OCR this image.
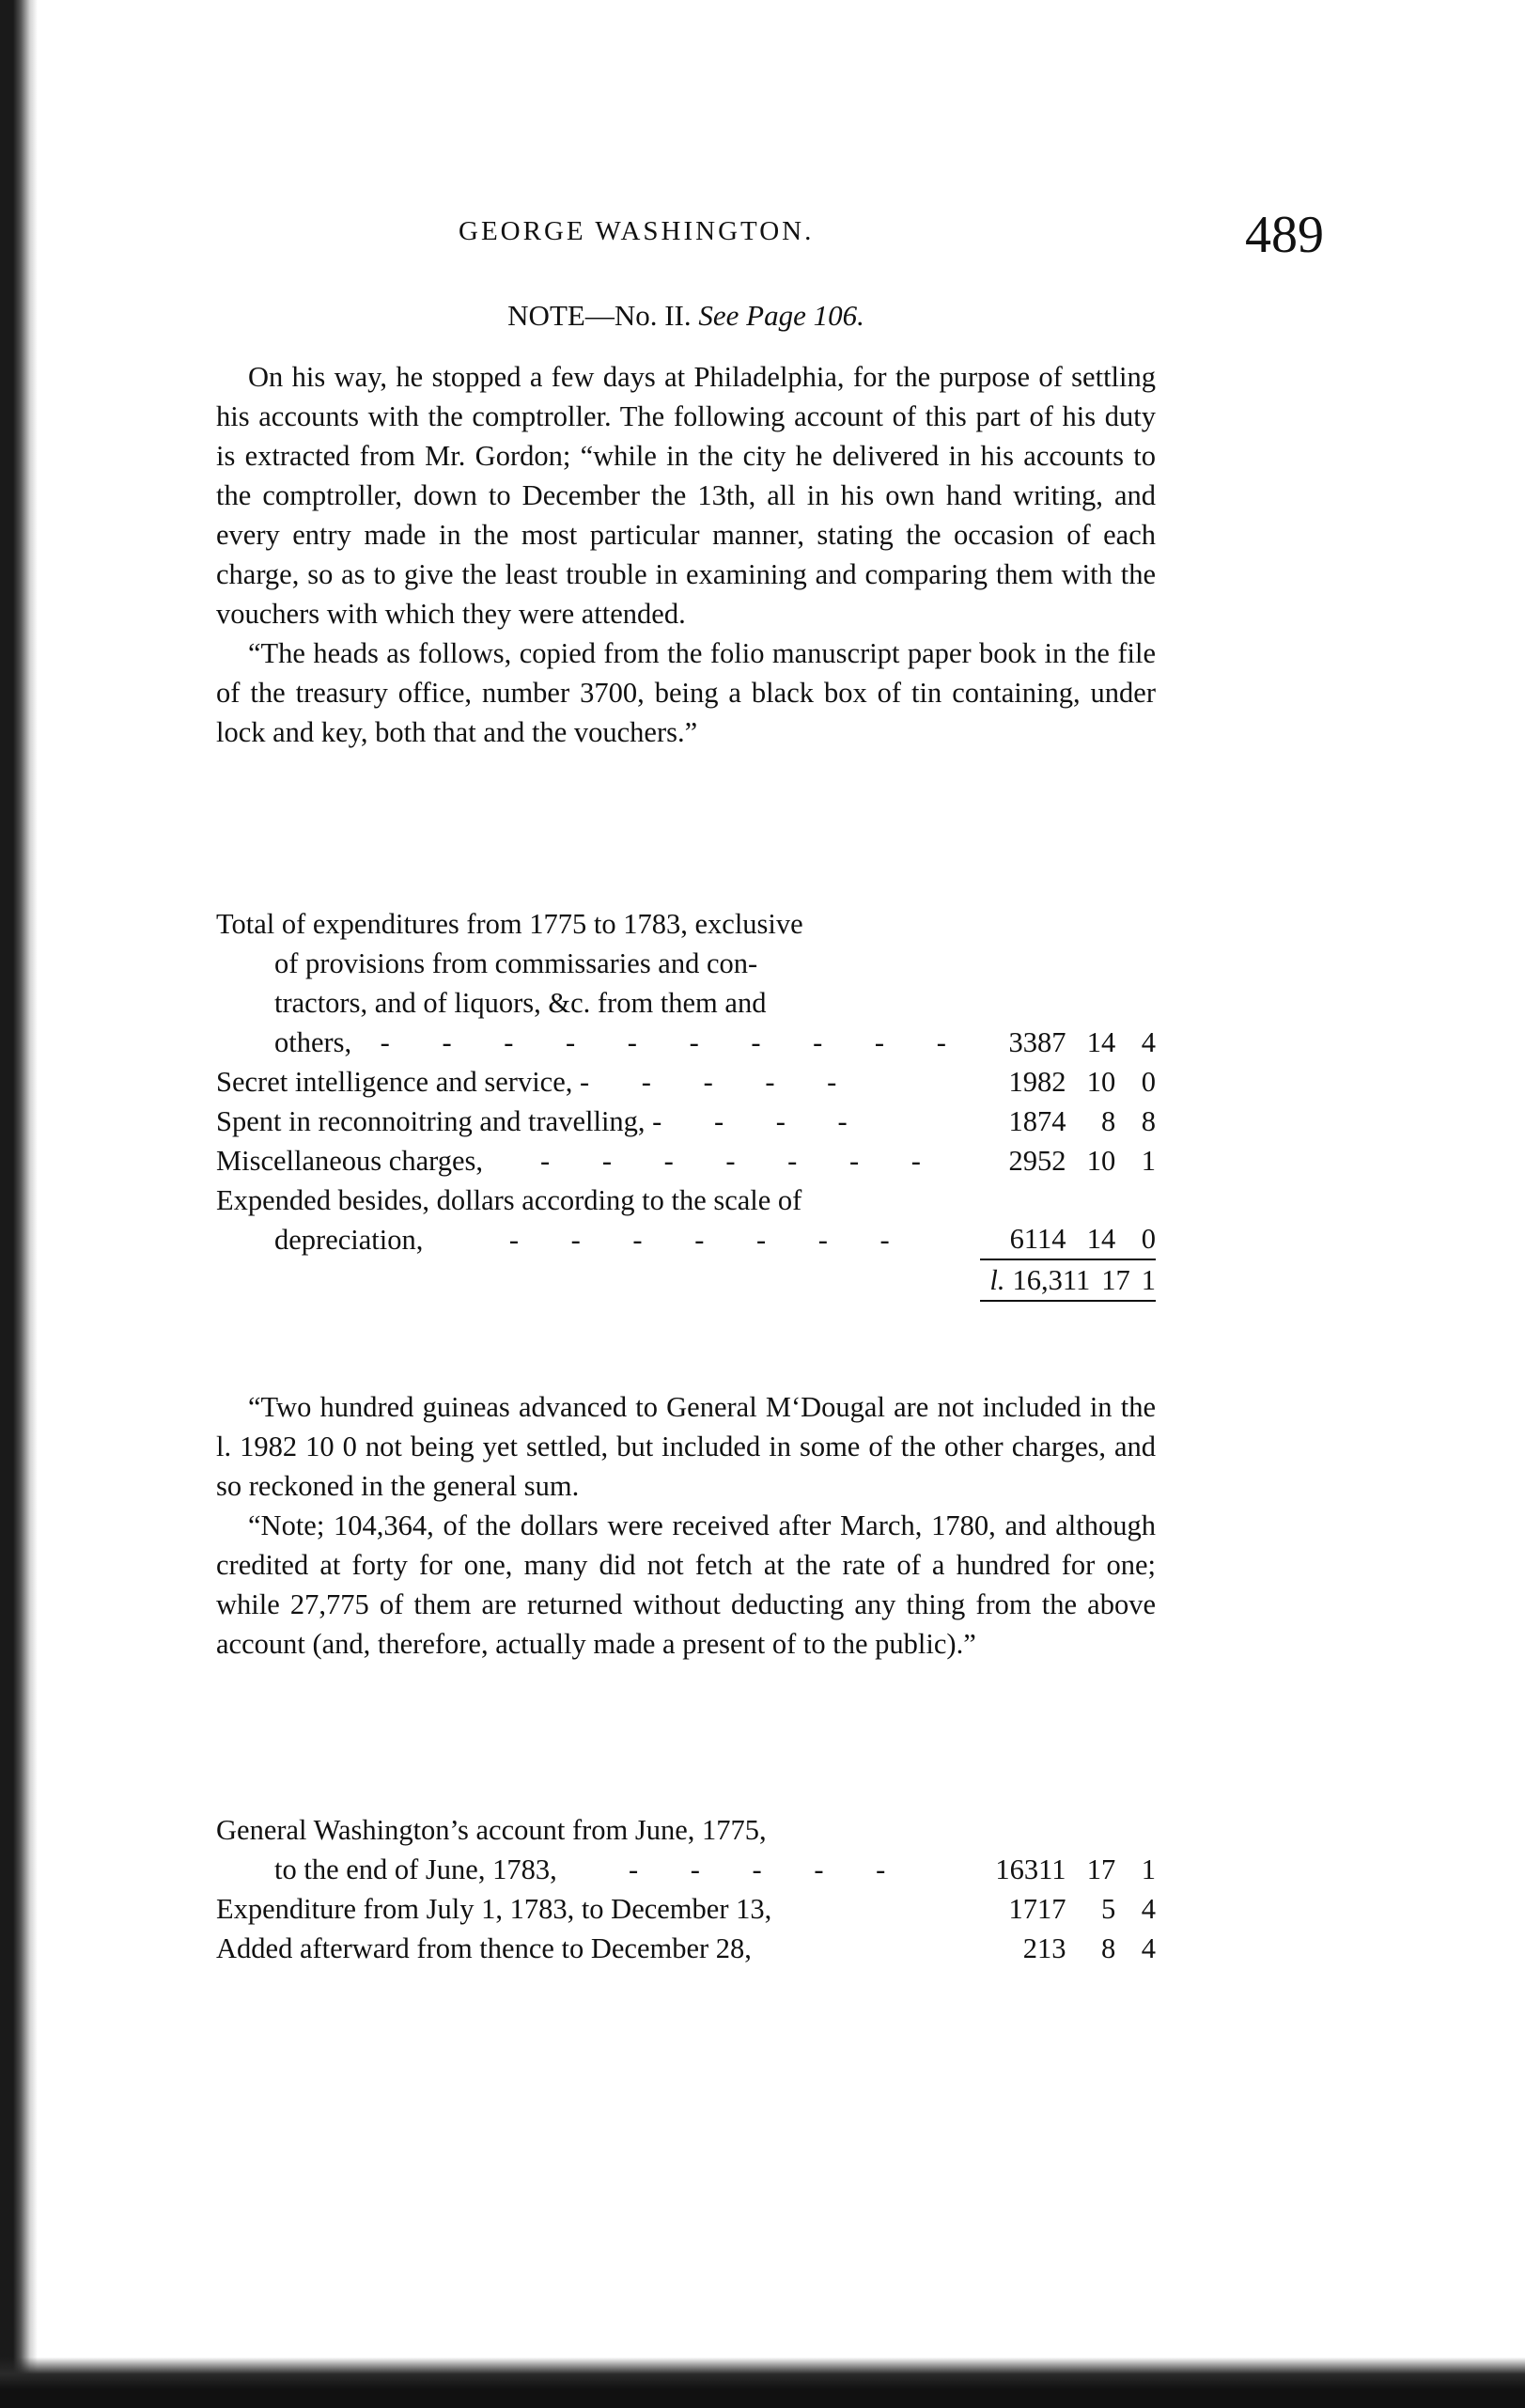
GEORGE WASHINGTON.	489
NOTE—No. II. See Page 106.

On his way, he stopped a few days at Philadelphia, for the purpose of settling his accounts with the comptroller. The following account of this part of his duty is extracted from Mr. Gordon; “while in the city he delivered in his accounts to the comptroller, down to December the 13th, all in his own hand writing, and every entry made in the most particular manner, stating the occasion of each charge, so as to give the least trouble in examining and comparing them with the vouchers with which they were attended.

“The heads as follows, copied from the folio manuscript paper book in the file of the treasury office, number 3700, being a black box of tin containing, under lock and key, both that and the vouchers.”

Total of expenditures from 1775 to 1783, exclusive
of provisions from commissaries and con-
tractors, and of liquors, &c. from them and
others, - - - - - - - - - -	3387	14	4
Secret intelligence and service, - - - - -	1982	10	0
Spent in reconnoitring and travelling, - - - -	1874	8	8
Miscellaneous charges, - - - - - - -	2952	10	1

Expended besides, dollars according to the scale of
depreciation, - - - - - - -	6114	14	0
	l. 16,311 17 1		

“Two hundred guineas advanced to General M‘Dougal are not included in the l. 1982 10 0 not being yet settled, but included in some of the other charges, and so reckoned in the general sum.

“Note; 104,364, of the dollars were received after March, 1780, and although credited at forty for one, many did not fetch at the rate of a hundred for one; while 27,775 of them are returned without deducting any thing from the above account (and, therefore, actually made a present of to the public).”

General Washington’s account from June, 1775,
to the end of June, 1783, - - - - -	16311	17	1
Expenditure from July 1, 1783, to December 13,	1717	5	4
Added afterward from thence to December 28,	213	8	4
